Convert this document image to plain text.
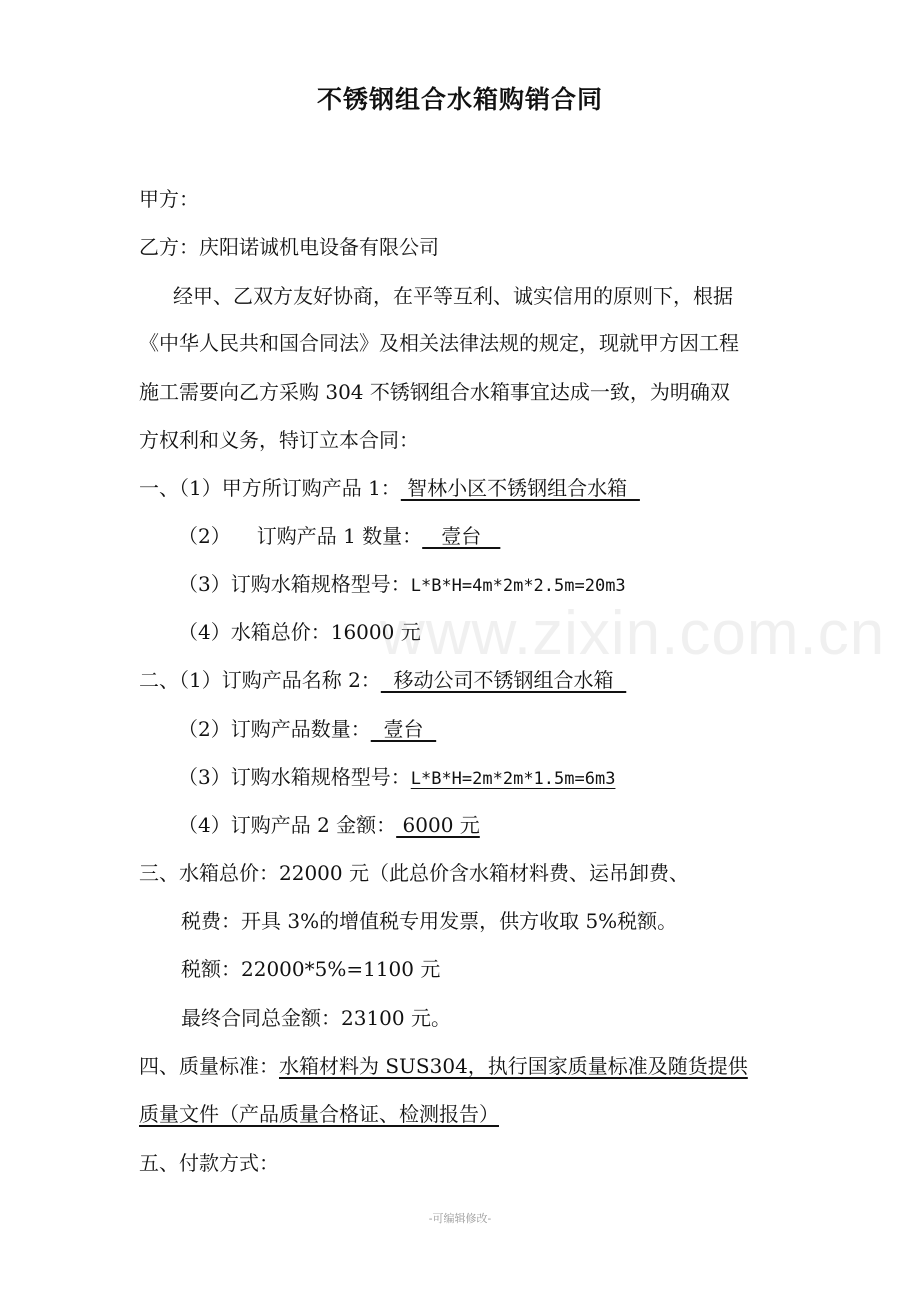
不锈钢组合水箱购销合同
甲方：
乙方：庆阳诺诚机电设备有限公司
经甲、乙双方友好协商，在平等互利、诚实信用的原则下，根据
《中华人民共和国合同法》及相关法律法规的规定，现就甲方因工程
施工需要向乙方采购 304 不锈钢组合水箱事宜达成一致，为明确双
方权利和义务，特订立本合同：
一、（1）甲方所订购产品 1： 智林小区不锈钢组合水箱
（2） 订购产品 1 数量：   壹台
（3）订购水箱规格型号：L*B*H=4m*2m*2.5m=20m3
（4）水箱总价：16000 元
二、（1）订购产品名称 2：  移动公司不锈钢组合水箱
（2）订购产品数量：  壹台
（3）订购水箱规格型号：L*B*H=2m*2m*1.5m=6m3
（4）订购产品 2 金额： 6000 元
三、水箱总价：22000 元（此总价含水箱材料费、运吊卸费、
税费：开具 3%的增值税专用发票，供方收取 5%税额。
税额：22000*5%=1100 元
最终合同总金额：23100 元。
四、质量标准：水箱材料为 SUS304，执行国家质量标准及随货提供
质量文件（产品质量合格证、检测报告）
五、付款方式：
www.zixin.com.cn
-可编辑修改-
